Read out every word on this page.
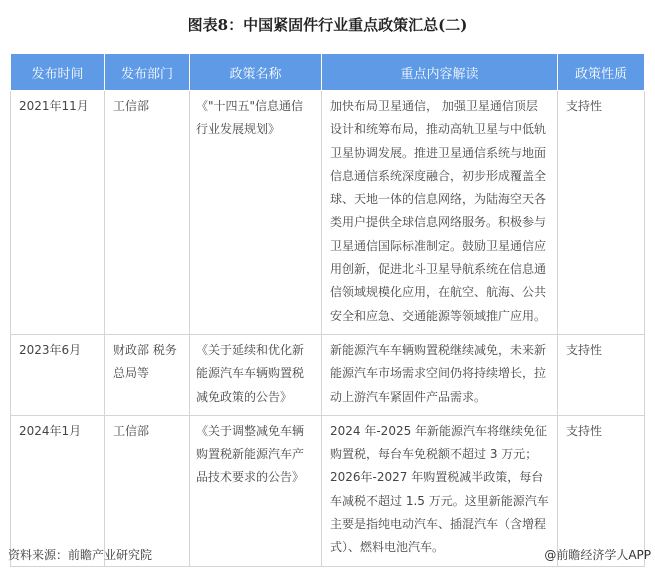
图表8：中国紧固件行业重点政策汇总(二)
发布时间	发布部门	政策名称	重点内容解读	政策性质
2021年11月	工信部	《"十四五"信息通信行业发展规划》	加快布局卫星通信， 加强卫星通信顶层设计和统筹布局，推动高轨卫星与中低轨卫星协调发展。推进卫星通信系统与地面信息通信系统深度融合，初步形成覆盖全球、天地一体的信息网络，为陆海空天各类用户提供全球信息网络服务。积极参与卫星通信国际标准制定。鼓励卫星通信应用创新，促进北斗卫星导航系统在信息通信领域规模化应用，在航空、航海、公共安全和应急、交通能源等领域推广应用。	支持性
2023年6月	财政部 税务总局等	《关于延续和优化新能源汽车车辆购置税减免政策的公告》	新能源汽车车辆购置税继续减免，未来新能源汽车市场需求空间仍将持续增长，拉动上游汽车紧固件产品需求。	支持性
2024年1月	工信部	《关于调整减免车辆购置税新能源汽车产品技术要求的公告》	2024 年-2025 年新能源汽车将继续免征购置税，每台车免税额不超过 3 万元；2026年-2027 年购置税减半政策，每台车减税不超过 1.5 万元。这里新能源汽车主要是指纯电动汽车、插混汽车（含增程式）、燃料电池汽车。	支持性
资料来源：前瞻产业研究院	@前瞻经济学人APP
